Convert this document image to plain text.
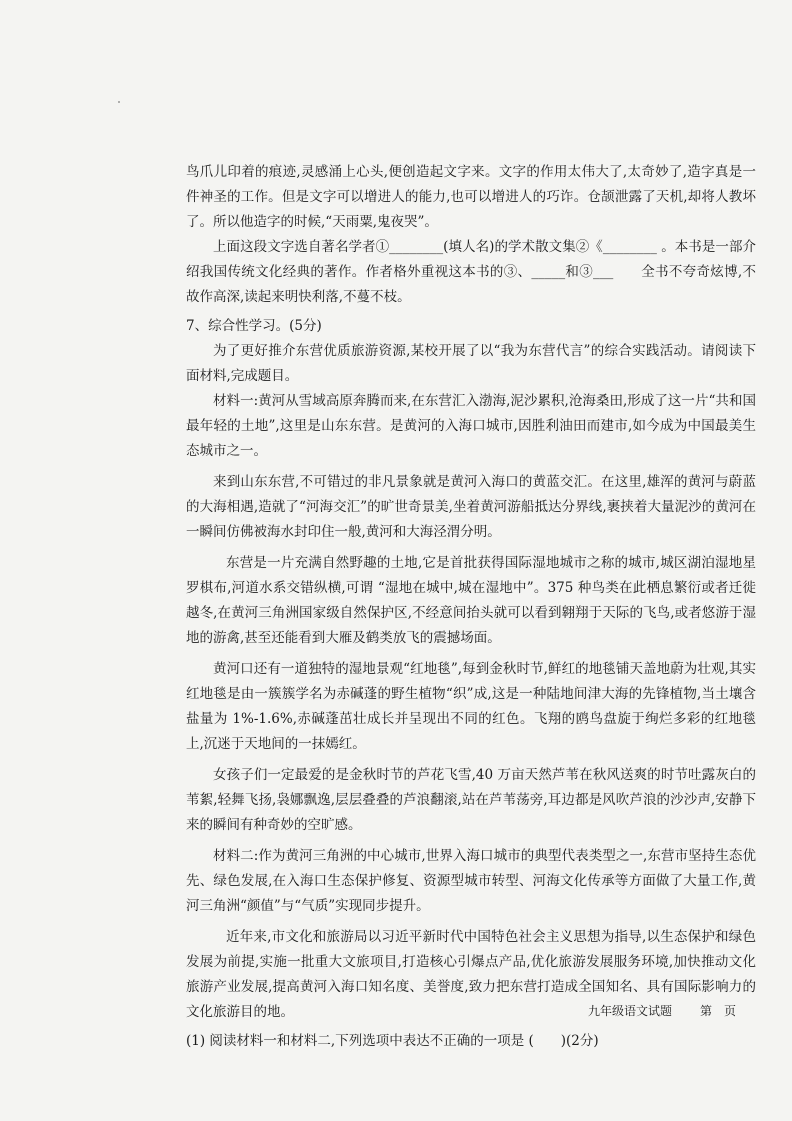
鸟爪儿印着的痕迹,灵感涌上心头,便创造起文字来。文字的作用太伟大了,太奇妙了,造字真是一件神圣的工作。但是文字可以增进人的能力,也可以增进人的巧诈。仓颉泄露了天机,却将人教坏了。所以他造字的时候,“天雨粟,鬼夜哭”。

上面这段文字选自著名学者①________(填人名)的学术散文集②《________ 。本书是一部介绍我国传统文化经典的著作。作者格外重视这本书的③、_____和③___　　全书不夸奇炫博,不故作高深,读起来明快利落,不蔓不枝。

7、综合性学习。(5分)

为了更好推介东营优质旅游资源,某校开展了以“我为东营代言”的综合实践活动。请阅读下面材料,完成题目。

材料一:黄河从雪域高原奔腾而来,在东营汇入渤海,泥沙累积,沧海桑田,形成了这一片“共和国最年轻的土地”,这里是山东东营。是黄河的入海口城市,因胜利油田而建市,如今成为中国最美生态城市之一。

来到山东东营,不可错过的非凡景象就是黄河入海口的黄蓝交汇。在这里,雄浑的黄河与蔚蓝的大海相遇,造就了“河海交汇”的旷世奇景美,坐着黄河游船抵达分界线,裹挟着大量泥沙的黄河在一瞬间仿佛被海水封印住一般,黄河和大海泾渭分明。

东营是一片充满自然野趣的土地,它是首批获得国际湿地城市之称的城市,城区湖泊湿地星罗棋布,河道水系交错纵横,可谓 “湿地在城中,城在湿地中”。375 种鸟类在此栖息繁衍或者迁徙越冬,在黄河三角洲国家级自然保护区,不经意间抬头就可以看到翱翔于天际的飞鸟,或者悠游于湿地的游禽,甚至还能看到大雁及鹤类放飞的震撼场面。

黄河口还有一道独特的湿地景观“红地毯”,每到金秋时节,鲜红的地毯铺天盖地蔚为壮观,其实红地毯是由一簇簇学名为赤碱蓬的野生植物“织”成,这是一种陆地间津大海的先锋植物,当土壤含盐量为 1%-1.6%,赤碱蓬茁壮成长并呈现出不同的红色。飞翔的鸥鸟盘旋于绚烂多彩的红地毯上,沉迷于天地间的一抹嫣红。

女孩子们一定最爱的是金秋时节的芦花飞雪,40 万亩天然芦苇在秋风送爽的时节吐露灰白的苇絮,轻舞飞扬,袅娜飘逸,层层叠叠的芦浪翻滚,站在芦苇荡旁,耳边都是风吹芦浪的沙沙声,安静下来的瞬间有种奇妙的空旷感。

材料二:作为黄河三角洲的中心城市,世界入海口城市的典型代表类型之一,东营市坚持生态优先、绿色发展,在入海口生态保护修复、资源型城市转型、河海文化传承等方面做了大量工作,黄河三角洲“颜值”与“气质”实现同步提升。

近年来,市文化和旅游局以习近平新时代中国特色社会主义思想为指导,以生态保护和绿色发展为前提,实施一批重大文旅项目,打造核心引爆点产品,优化旅游发展服务环境,加快推动文化旅游产业发展,提高黄河入海口知名度、美誉度,致力把东营打造成全国知名、具有国际影响力的文化旅游目的地。

(1) 阅读材料一和材料二,下列选项中表达不正确的一项是 (　　)(2分)

九年级语文试题 第　页
